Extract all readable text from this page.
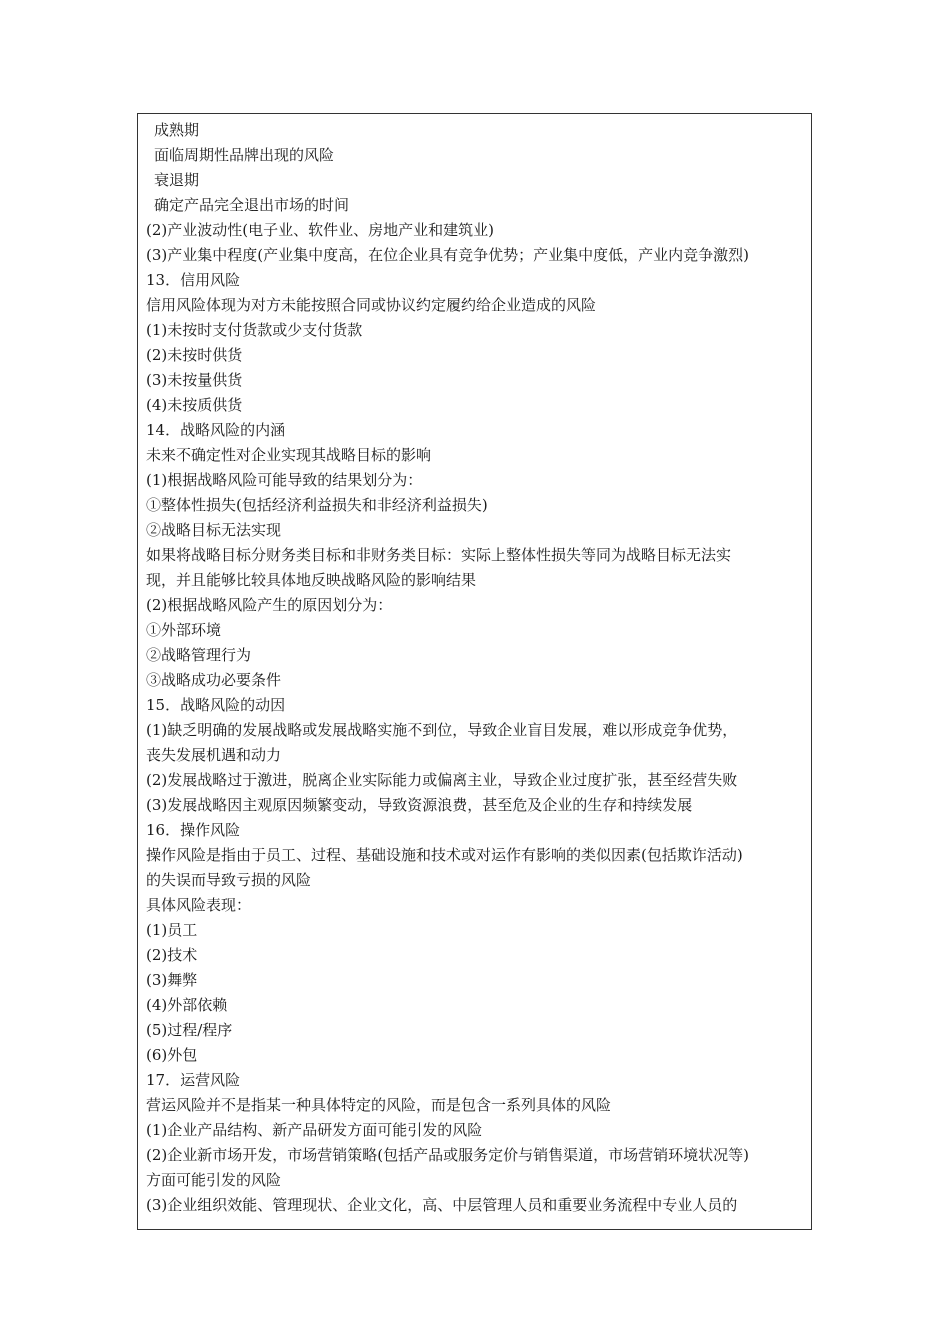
成熟期
面临周期性品牌出现的风险
衰退期
确定产品完全退出市场的时间
(2)产业波动性(电子业、软件业、房地产业和建筑业)
(3)产业集中程度(产业集中度高，在位企业具有竞争优势；产业集中度低，产业内竞争激烈)
13．信用风险
信用风险体现为对方未能按照合同或协议约定履约给企业造成的风险
(1)未按时支付货款或少支付货款
(2)未按时供货
(3)未按量供货
(4)未按质供货
14．战略风险的内涵
未来不确定性对企业实现其战略目标的影响
(1)根据战略风险可能导致的结果划分为：
①整体性损失(包括经济利益损失和非经济利益损失)
②战略目标无法实现
如果将战略目标分财务类目标和非财务类目标：实际上整体性损失等同为战略目标无法实
现，并且能够比较具体地反映战略风险的影响结果
(2)根据战略风险产生的原因划分为：
①外部环境
②战略管理行为
③战略成功必要条件
15．战略风险的动因
(1)缺乏明确的发展战略或发展战略实施不到位，导致企业盲目发展，难以形成竞争优势，
丧失发展机遇和动力
(2)发展战略过于激进，脱离企业实际能力或偏离主业，导致企业过度扩张，甚至经营失败
(3)发展战略因主观原因频繁变动，导致资源浪费，甚至危及企业的生存和持续发展
16．操作风险
操作风险是指由于员工、过程、基础设施和技术或对运作有影响的类似因素(包括欺诈活动)
的失误而导致亏损的风险
具体风险表现：
(1)员工
(2)技术
(3)舞弊
(4)外部依赖
(5)过程/程序
(6)外包
17．运营风险
营运风险并不是指某一种具体特定的风险，而是包含一系列具体的风险
(1)企业产品结构、新产品研发方面可能引发的风险
(2)企业新市场开发，市场营销策略(包括产品或服务定价与销售渠道，市场营销环境状况等)
方面可能引发的风险
(3)企业组织效能、管理现状、企业文化，高、中层管理人员和重要业务流程中专业人员的
